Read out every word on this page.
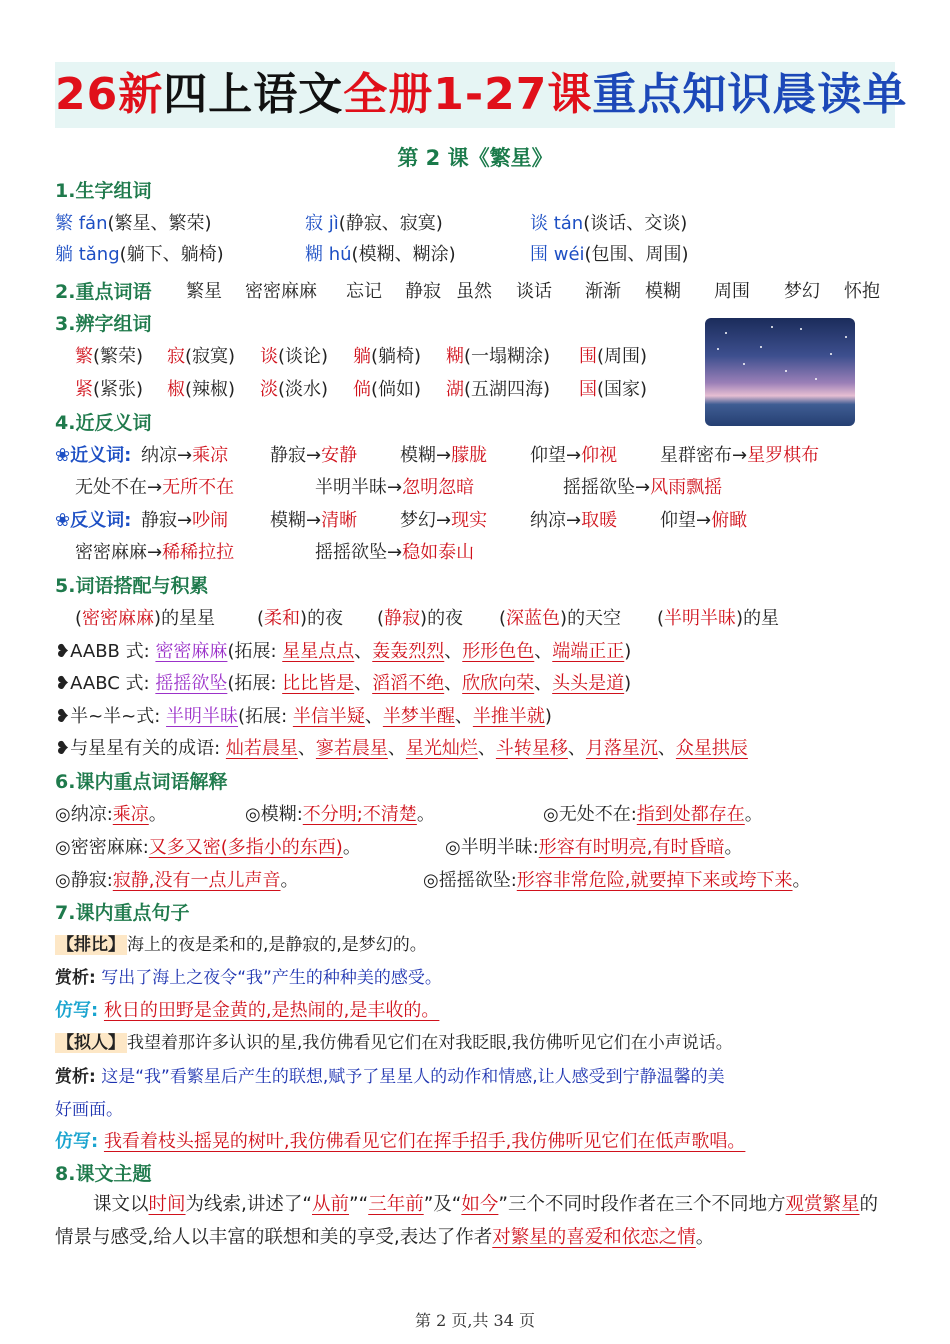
26新四上语文全册1-27课重点知识晨读单
第 2 课《繁星》
1.生字组词
繁 fán(繁星、繁荣)	寂 jì(静寂、寂寞)	谈 tán(谈话、交谈)
躺 tǎng(躺下、躺椅)	糊 hú(模糊、糊涂)	围 wéi(包围、周围)
2.重点词语 繁星 密密麻麻 忘记 静寂 虽然 谈话 渐渐 模糊 周围 梦幻 怀抱
3.辨字组词
繁(繁荣) 寂(寂寞) 谈(谈论) 躺(躺椅) 糊(一塌糊涂) 围(周围)
紧(紧张) 椒(辣椒) 淡(淡水) 倘(倘如) 湖(五湖四海) 国(国家)
4.近反义词
❀近义词: 纳凉→乘凉 静寂→安静 模糊→朦胧 仰望→仰视 星群密布→星罗棋布
无处不在→无所不在	半明半昧→忽明忽暗	摇摇欲坠→风雨飘摇
❀反义词: 静寂→吵闹 模糊→清晰 梦幻→现实 纳凉→取暖 仰望→俯瞰
密密麻麻→稀稀拉拉	摇摇欲坠→稳如泰山
5.词语搭配与积累
(密密麻麻)的星星 (柔和)的夜 (静寂)的夜 (深蓝色)的天空 (半明半昧)的星
❥AABB 式: 密密麻麻(拓展: 星星点点、轰轰烈烈、形形色色、端端正正)
❥AABC 式: 摇摇欲坠(拓展: 比比皆是、滔滔不绝、欣欣向荣、头头是道)
❥半~半~式: 半明半昧(拓展: 半信半疑、半梦半醒、半推半就)
❥与星星有关的成语: 灿若晨星、寥若晨星、星光灿烂、斗转星移、月落星沉、众星拱辰
6.课内重点词语解释
◎纳凉:乘凉。	◎模糊:不分明;不清楚。	◎无处不在:指到处都存在。
◎密密麻麻:又多又密(多指小的东西)。	◎半明半昧:形容有时明亮,有时昏暗。
◎静寂:寂静,没有一点儿声音。	◎摇摇欲坠:形容非常危险,就要掉下来或垮下来。
7.课内重点句子
【排比】 海上的夜是柔和的,是静寂的,是梦幻的。
赏析: 写出了海上之夜令“我”产生的种种美的感受。
仿写: 秋日的田野是金黄的,是热闹的,是丰收的。
【拟人】 我望着那许多认识的星,我仿佛看见它们在对我眨眼,我仿佛听见它们在小声说话。
赏析: 这是“我”看繁星后产生的联想,赋予了星星人的动作和情感,让人感受到宁静温馨的美
好画面。
仿写: 我看着枝头摇晃的树叶,我仿佛看见它们在挥手招手,我仿佛听见它们在低声歌唱。
8.课文主题
课文以时间为线索,讲述了“从前”“三年前”及“如今”三个不同时段作者在三个不同地方观赏繁星的情景与感受,给人以丰富的联想和美的享受,表达了作者对繁星的喜爱和依恋之情。
第 2 页,共 34 页
